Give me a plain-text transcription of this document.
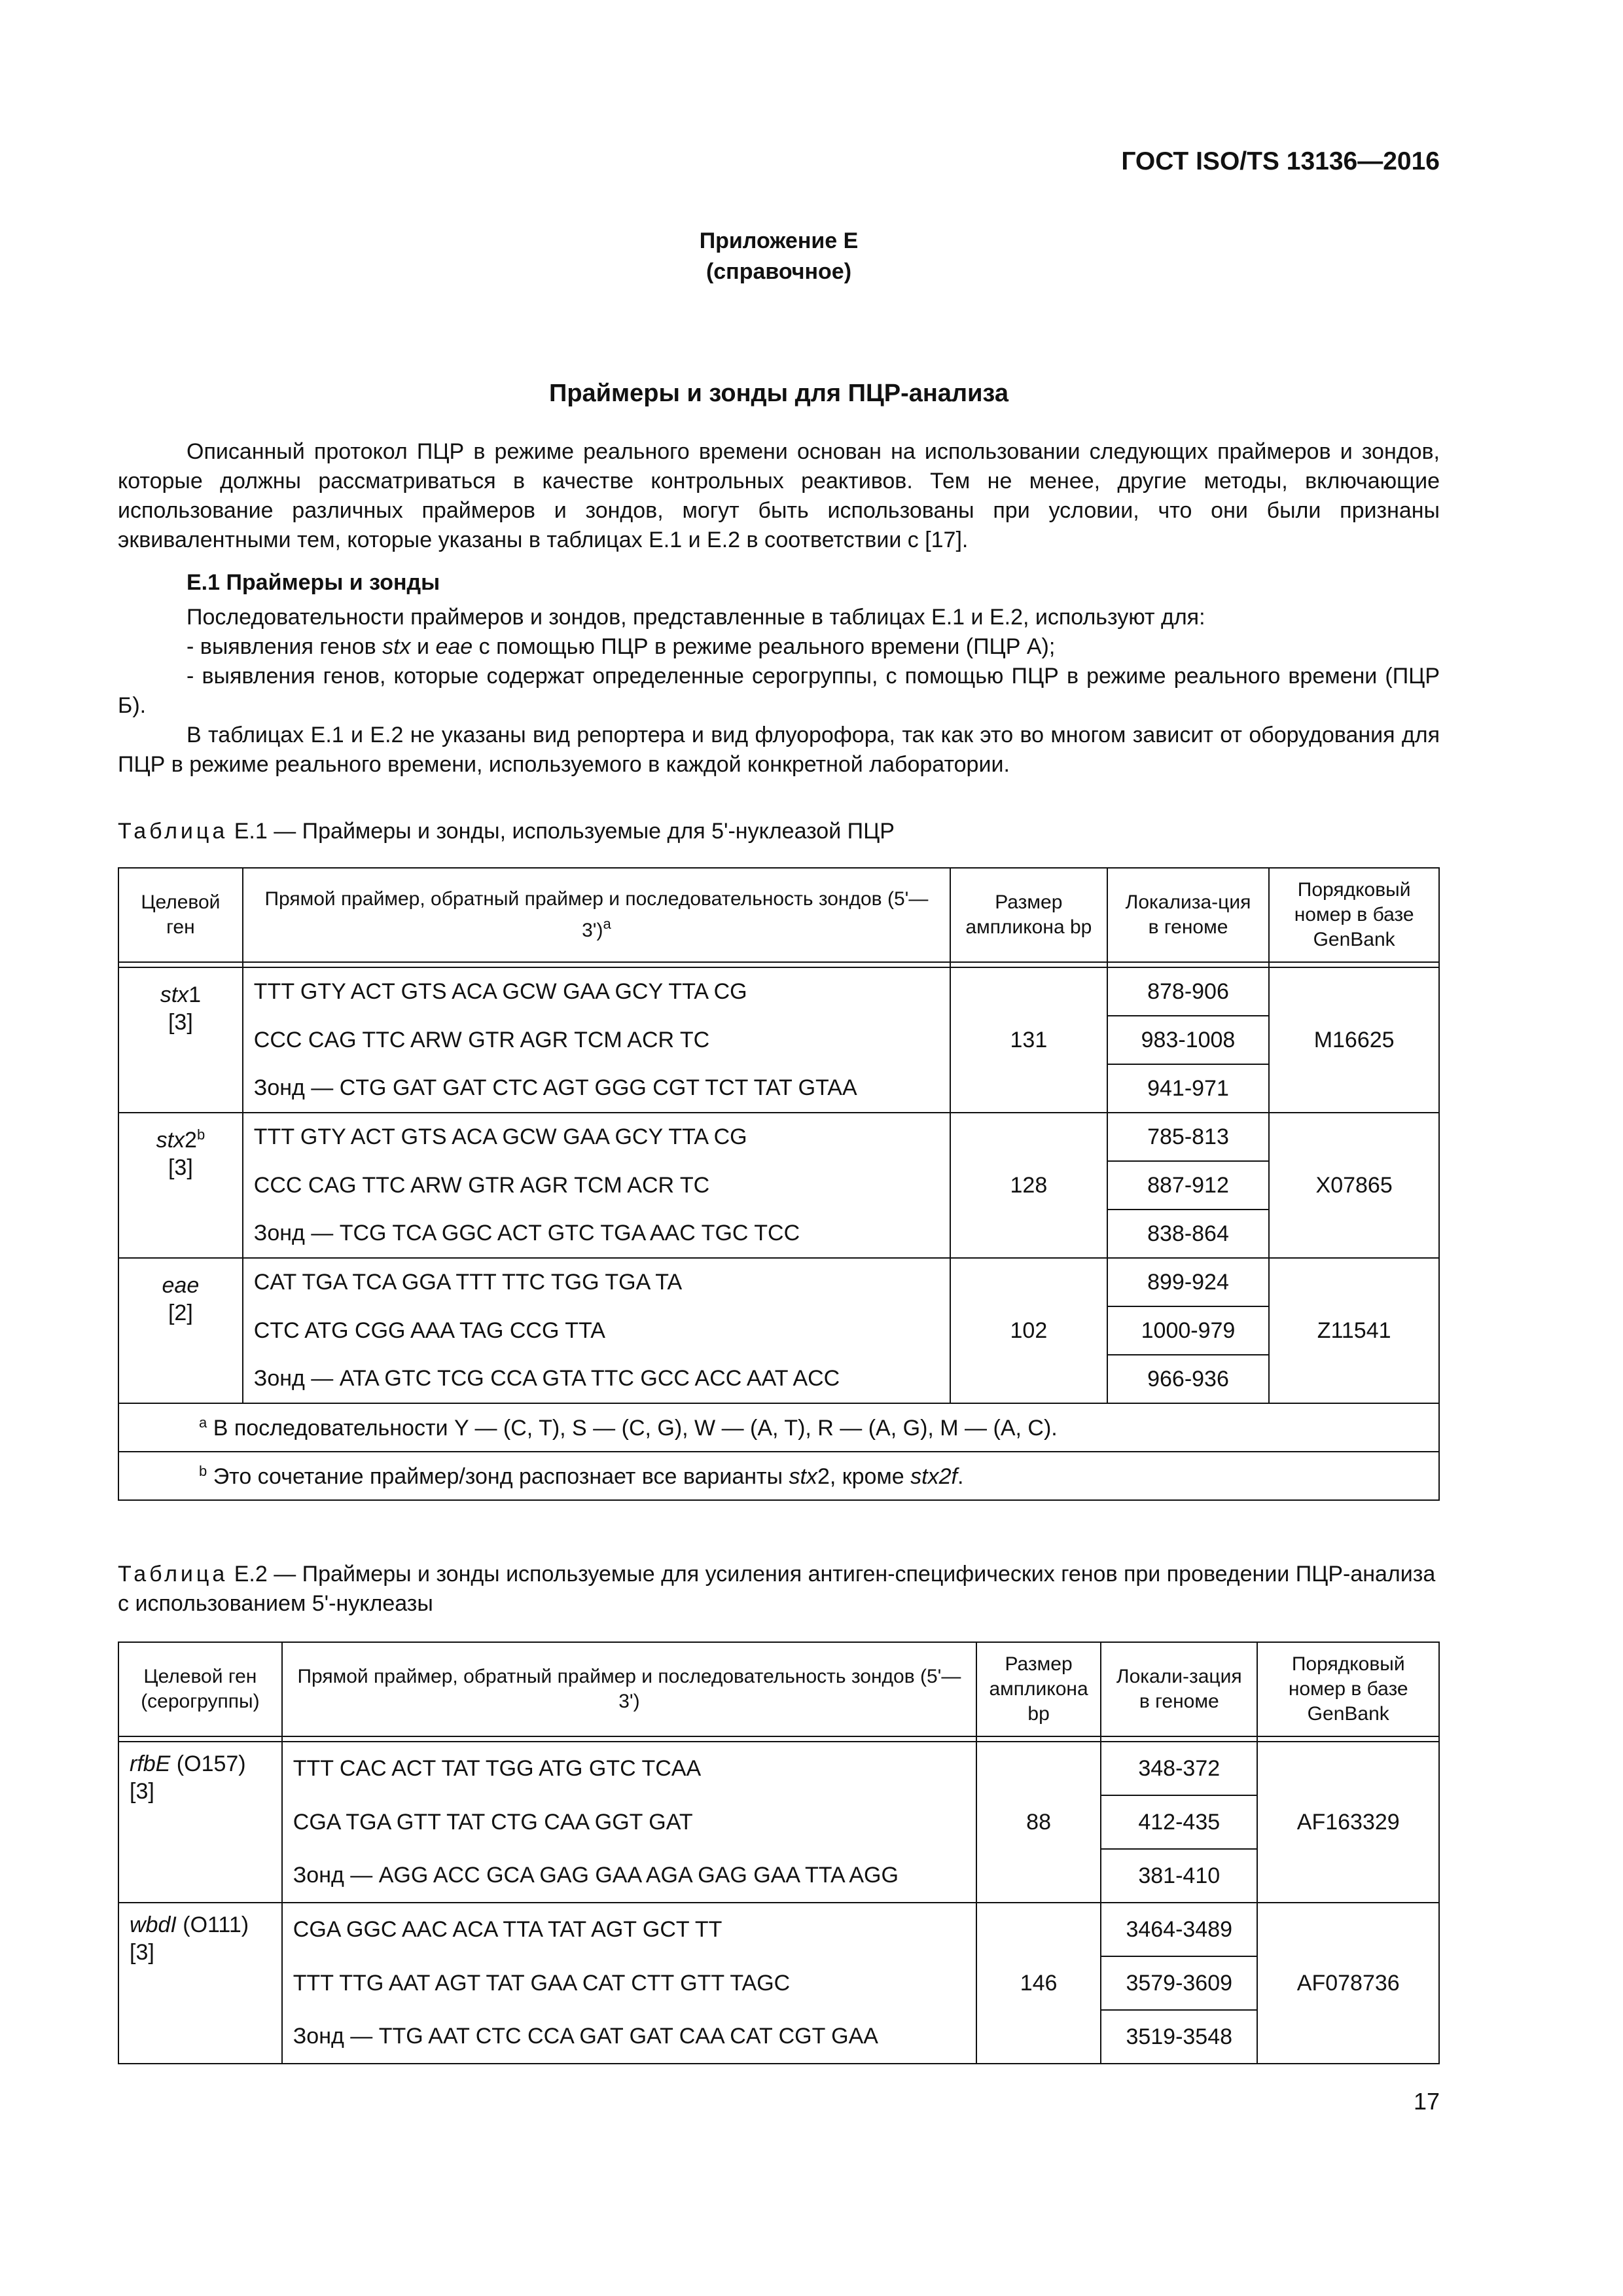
ГОСТ ISO/TS 13136—2016
Приложение Е
(справочное)
Праймеры и зонды для ПЦР-анализа

Описанный протокол ПЦР в режиме реального времени основан на использовании следующих праймеров и зондов, которые должны рассматриваться в качестве контрольных реактивов. Тем не менее, другие методы, включающие использование различных праймеров и зондов, могут быть использованы при условии, что они были признаны эквивалентными тем, которые указаны в таблицах Е.1 и Е.2 в соответствии с [17].

Е.1 Праймеры и зонды

Последовательности праймеров и зондов, представленные в таблицах Е.1 и Е.2, используют для:

- выявления генов stx и eae с помощью ПЦР в режиме реального времени (ПЦР А);

- выявления генов, которые содержат определенные серогруппы, с помощью ПЦР в режиме реального времени (ПЦР Б).

В таблицах Е.1 и Е.2 не указаны вид репортера и вид флуорофора, так как это во многом зависит от оборудования для ПЦР в режиме реального времени, используемого в каждой конкретной лаборатории.

Таблица Е.1 — Праймеры и зонды, используемые для 5'-нуклеазой ПЦР
Целевой ген	Прямой праймер, обратный праймер и последовательность зондов (5'—3')$^a$	Размер ампликона bp	Локализа-ция в геноме	Порядковый номер в базе GenBank

stx1
[3]	TTT GTY ACT GTS ACA GCW GAA GCY TTA CG	131	878-906	M16625
	CCC CAG TTC ARW GTR AGR TCM ACR TC		983-1008	
	Зонд — CTG GAT GAT CTC AGT GGG CGT TCT TAT GTAA		941-971	

stx2$^b$
[3]	TTT GTY ACT GTS ACA GCW GAA GCY TTA CG	128	785-813	X07865
	CCC CAG TTC ARW GTR AGR TCM ACR TC		887-912	
	Зонд — TCG TCA GGC ACT GTC TGA AAC TGC TCC		838-864	

eae
[2]	CAT TGA TCA GGA TTT TTC TGG TGA TA	102	899-924	Z11541
	CTC ATG CGG AAA TAG CCG TTA		1000-979	
	Зонд — ATA GTC TCG CCA GTA TTC GCC ACC AAT ACC		966-936	
$^a$ В последовательности Y — (C, T), S — (C, G), W — (A, T), R — (A, G), M — (A, C).				
$^b$ Это сочетание праймер/зонд распознает все варианты stx2, кроме stx2f.				
Таблица Е.2 — Праймеры и зонды используемые для усиления антиген-специфических генов при проведении ПЦР-анализа с использованием 5'-нуклеазы
Целевой ген (серогруппы)	Прямой праймер, обратный праймер и последовательность зондов (5'—3')	Размер ампликона bp	Локали-зация в геноме	Порядковый номер в базе GenBank

rfbE (O157)
[3]	TTT CAC ACT TAT TGG ATG GTC TCAA	88	348-372	AF163329
	CGA TGA GTT TAT CTG CAA GGT GAT		412-435	
	Зонд — AGG ACC GCA GAG GAA AGA GAG GAA TTA AGG		381-410	

wbdI (O111)
[3]	CGA GGC AAC ACA TTA TAT AGT GCT TT	146	3464-3489	AF078736
	TTT TTG AAT AGT TAT GAA CAT CTT GTT TAGC		3579-3609	
	Зонд — TTG AAT CTC CCA GAT GAT CAA CAT CGT GAA		3519-3548	
17
